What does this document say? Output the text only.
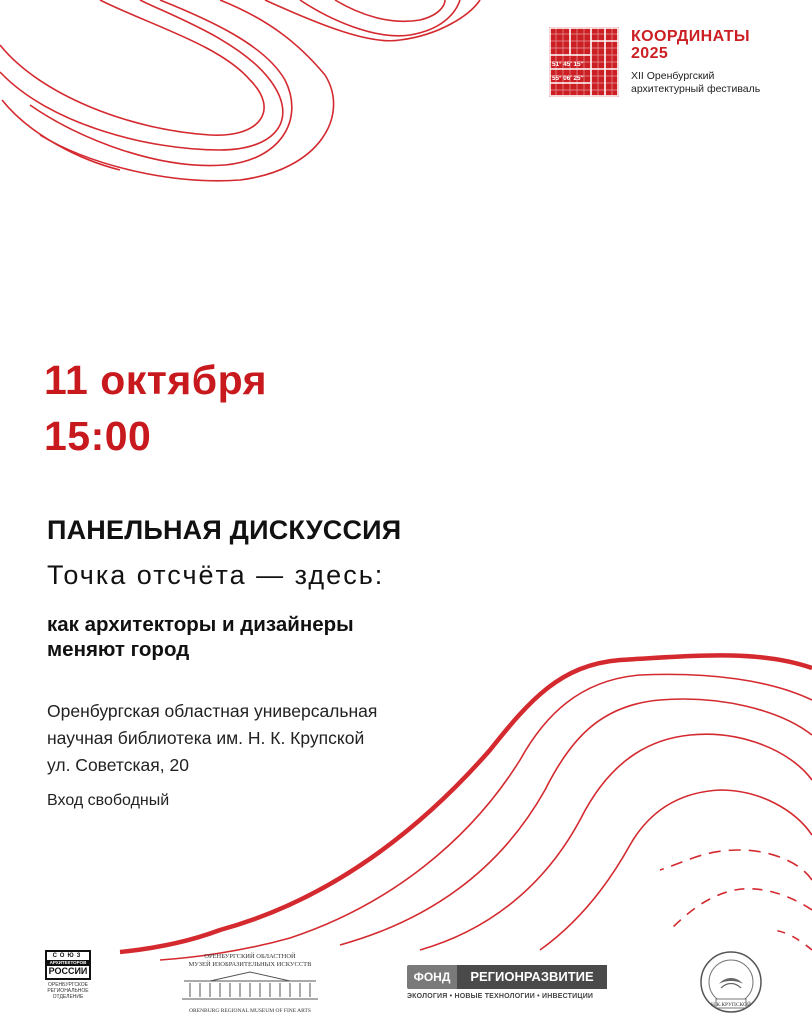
51° 45′ 15″
55° 06′ 25″
КООРДИНАТЫ
2025
XII Оренбургский
архитектурный фестиваль
11 октября
15:00
ПАНЕЛЬНАЯ ДИСКУССИЯ
Точка отсчёта — здесь:
как архитекторы и дизайнеры
меняют город
Оренбургская областная универсальная
научная библиотека им. Н. К. Крупской
ул. Советская, 20
Вход свободный
СОЮЗ
АРХИТЕКТОРОВ
РОССИИ
ОРЕНБУРГСКОЕ
РЕГИОНАЛЬНОЕ
ОТДЕЛЕНИЕ
ОРЕНБУРГСКИЙ ОБЛАСТНОЙ
МУЗЕЙ ИЗОБРАЗИТЕЛЬНЫХ ИСКУССТВ
ORENBURG REGIONAL MUSEUM OF FINE ARTS
ФОНД	РЕГИОНРАЗВИТИЕ
ЭКОЛОГИЯ • НОВЫЕ ТЕХНОЛОГИИ • ИНВЕСТИЦИИ
Н.К.КРУПСКОЙ
